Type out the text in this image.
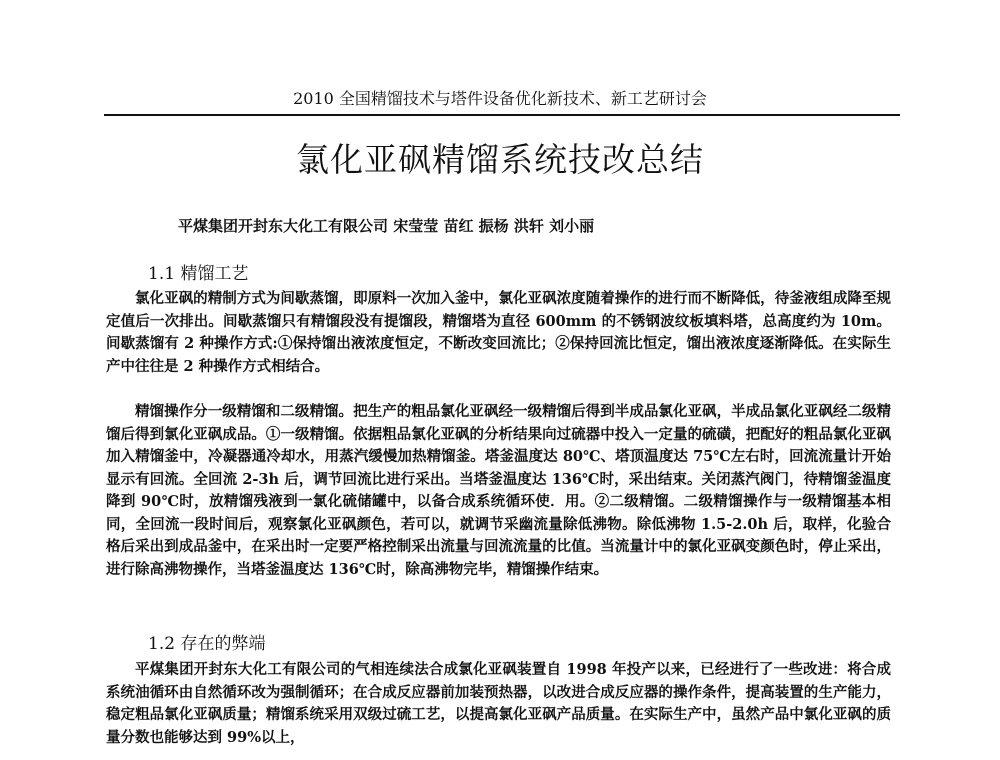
2010 全国精馏技术与塔件设备优化新技术、新工艺研讨会
氯化亚砜精馏系统技改总结
平煤集团开封东大化工有限公司 宋莹莹 苗红 振杨 洪轩 刘小丽
1.1 精馏工艺

氯化亚砜的精制方式为间歇蒸馏，即原料一次加入釜中，氯化亚砜浓度随着操作的进行而不断降低，待釜液组成降至规定值后一次排出。间歇蒸馏只有精馏段没有提馏段，精馏塔为直径 600mm 的不锈钢波纹板填料塔，总高度约为 10m。间歇蒸馏有 2 种操作方式:①保持馏出液浓度恒定，不断改变回流比；②保持回流比恒定，馏出液浓度逐渐降低。在实际生产中往往是 2 种操作方式相结合。

精馏操作分一级精馏和二级精馏。把生产的粗品氯化亚砜经一级精馏后得到半成品氯化亚砜，半成品氯化亚砜经二级精馏后得到氯化亚砜成品。①一级精馏。依据粗品氯化亚砜的分析结果向过硫器中投入一定量的硫磺，把配好的粗品氯化亚砜加入精馏釜中，冷凝器通冷却水，用蒸汽缓慢加热精馏釜。塔釜温度达 80℃、塔顶温度达 75℃左右时，回流流量计开始显示有回流。全回流 2-3h 后，调节回流比进行采出。当塔釜温度达 136℃时，采出结束。关闭蒸汽阀门，待精馏釜温度降到 90℃时，放精馏残液到一氯化硫储罐中，以备合成系统循环使．用。②二级精馏。二级精馏操作与一级精馏基本相同，全回流一段时间后，观察氯化亚砜颜色，若可以，就调节采幽流量除低沸物。除低沸物 1.5-2.0h 后，取样，化验合格后采出到成品釜中，在采出时一定要严格控制采出流量与回流流量的比值。当流量计中的氯化亚砜变颜色时，停止采出，进行除高沸物操作，当塔釜温度达 136℃时，除高沸物完毕，精馏操作结束。

1.2 存在的弊端

平煤集团开封东大化工有限公司的气相连续法合成氯化亚砜装置自 1998 年投产以来，已经进行了一些改进：将合成系统油循环由自然循环改为强制循环；在合成反应器前加装预热器，以改进合成反应器的操作条件，提高装置的生产能力，稳定粗品氯化亚砜质量；精馏系统采用双级过硫工艺，以提高氯化亚砜产品质量。在实际生产中，虽然产品中氯化亚砜的质量分数也能够达到 99%以上，
